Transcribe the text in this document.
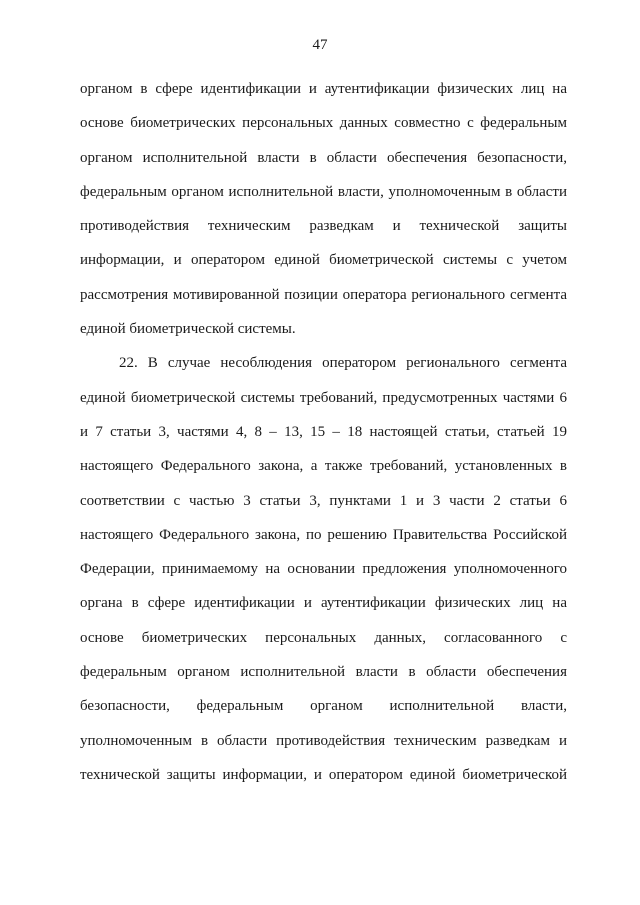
47
органом в сфере идентификации и аутентификации физических лиц на
основе биометрических персональных данных совместно с федеральным
органом исполнительной власти в области обеспечения безопасности,
федеральным органом исполнительной власти, уполномоченным в области
противодействия техническим разведкам и технической защиты
информации, и оператором единой биометрической системы с учетом
рассмотрения мотивированной позиции оператора регионального сегмента
единой биометрической системы.
22. В случае несоблюдения оператором регионального сегмента
единой биометрической системы требований, предусмотренных частями 6
и 7 статьи 3, частями 4, 8 – 13, 15 – 18 настоящей статьи, статьей 19
настоящего Федерального закона, а также требований, установленных в
соответствии с частью 3 статьи 3, пунктами 1 и 3 части 2 статьи 6
настоящего Федерального закона, по решению Правительства Российской
Федерации, принимаемому на основании предложения уполномоченного
органа в сфере идентификации и аутентификации физических лиц на
основе биометрических персональных данных, согласованного с
федеральным органом исполнительной власти в области обеспечения
безопасности, федеральным органом исполнительной власти,
уполномоченным в области противодействия техническим разведкам и
технической защиты информации, и оператором единой биометрической
